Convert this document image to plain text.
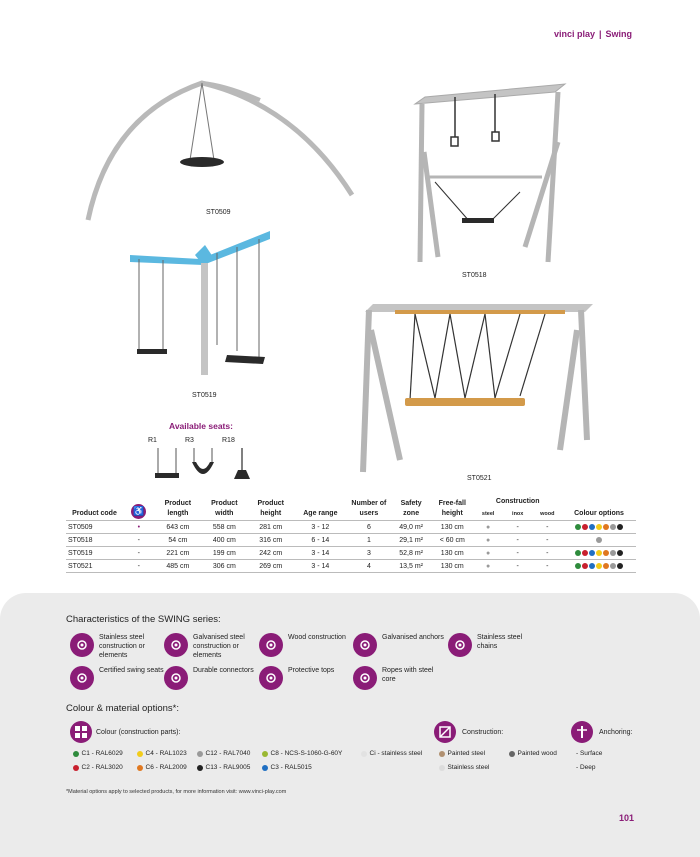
vinci play | Swing
ST0509
ST0518
ST0519
ST0521
Available seats:
R1	R3	R18
Product code	♿	Product length	Product width	Product height	Age range	Number of users	Safety zone	Free-fall height	Construction			Colour options
									steel	inox	wood	
ST0509	•	643 cm	558 cm	281 cm	3 - 12	6	49,0 m²	130 cm	●	-	-	
ST0518	-	54 cm	400 cm	316 cm	6 - 14	1	29,1 m²	< 60 cm	●	-	-	
ST0519	-	221 cm	199 cm	242 cm	3 - 14	3	52,8 m²	130 cm	●	-	-	
ST0521	-	485 cm	306 cm	269 cm	3 - 14	4	13,5 m²	130 cm	●	-	-	
Characteristics of the SWING series:
Stainless steel construction or elements
Galvanised steel construction or elements
Wood construction	Galvanised anchors	Stainless steel chains
Certified swing seats	Durable connectors	Protective tops	Ropes with steel core
Colour & material options*:
Colour (construction parts):	Construction:	Anchoring:
C1 - RAL6029
C2 - RAL3020
C4 - RAL1023
C6 - RAL2009
C12 - RAL7040
C13 - RAL9005
C8 - NCS-S-1060-G-60Y
C3 - RAL5015
Ci - stainless steel	Painted steel	Painted wood
Stainless steel
- Surface
- Deep
*Material options apply to selected products, for more information visit: www.vinci-play.com
101
